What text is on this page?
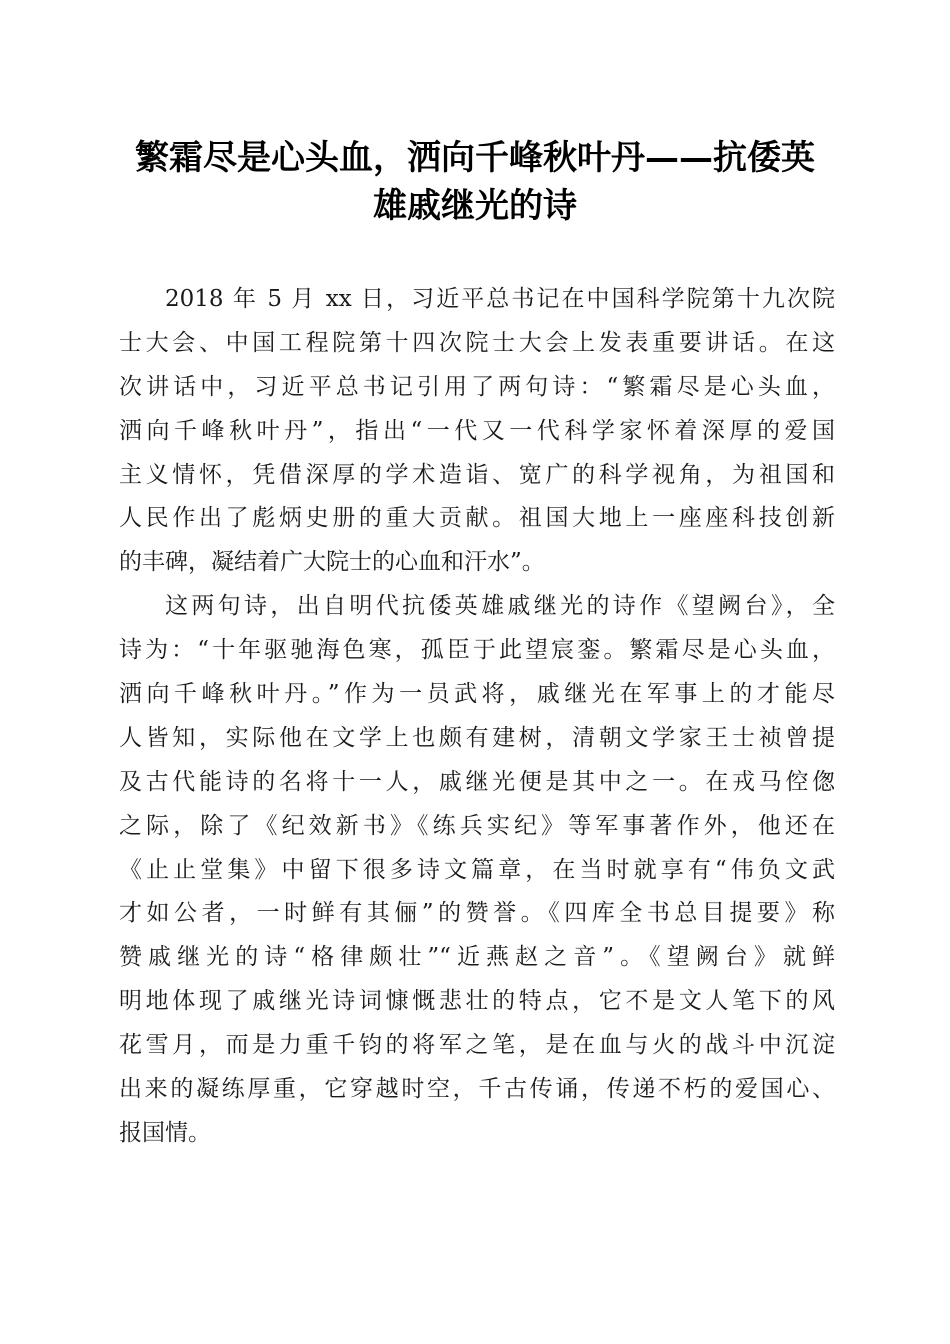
繁霜尽是心头血，洒向千峰秋叶丹——抗倭英
雄戚继光的诗
2018 年 5 月 xx 日，习近平总书记在中国科学院第十九次院
士大会、中国工程院第十四次院士大会上发表重要讲话。在这
次讲话中，习近平总书记引用了两句诗：“繁霜尽是心头血，
洒向千峰秋叶丹”，指出“一代又一代科学家怀着深厚的爱国
主义情怀，凭借深厚的学术造诣、宽广的科学视角，为祖国和
人民作出了彪炳史册的重大贡献。祖国大地上一座座科技创新
的丰碑，凝结着广大院士的心血和汗水”。
这两句诗，出自明代抗倭英雄戚继光的诗作《望阙台》，全
诗为：“十年驱驰海色寒，孤臣于此望宸銮。繁霜尽是心头血，
洒向千峰秋叶丹。”作为一员武将，戚继光在军事上的才能尽
人皆知，实际他在文学上也颇有建树，清朝文学家王士祯曾提
及古代能诗的名将十一人，戚继光便是其中之一。在戎马倥偬
之际，除了《纪效新书》《练兵实纪》等军事著作外，他还在
《止止堂集》中留下很多诗文篇章，在当时就享有“伟负文武
才如公者，一时鲜有其俪”的赞誉。《四库全书总目提要》称
赞戚继光的诗“格律颇壮”“近燕赵之音”。《望阙台》就鲜
明地体现了戚继光诗词慷慨悲壮的特点，它不是文人笔下的风
花雪月，而是力重千钧的将军之笔，是在血与火的战斗中沉淀
出来的凝练厚重，它穿越时空，千古传诵，传递不朽的爱国心、
报国情。
